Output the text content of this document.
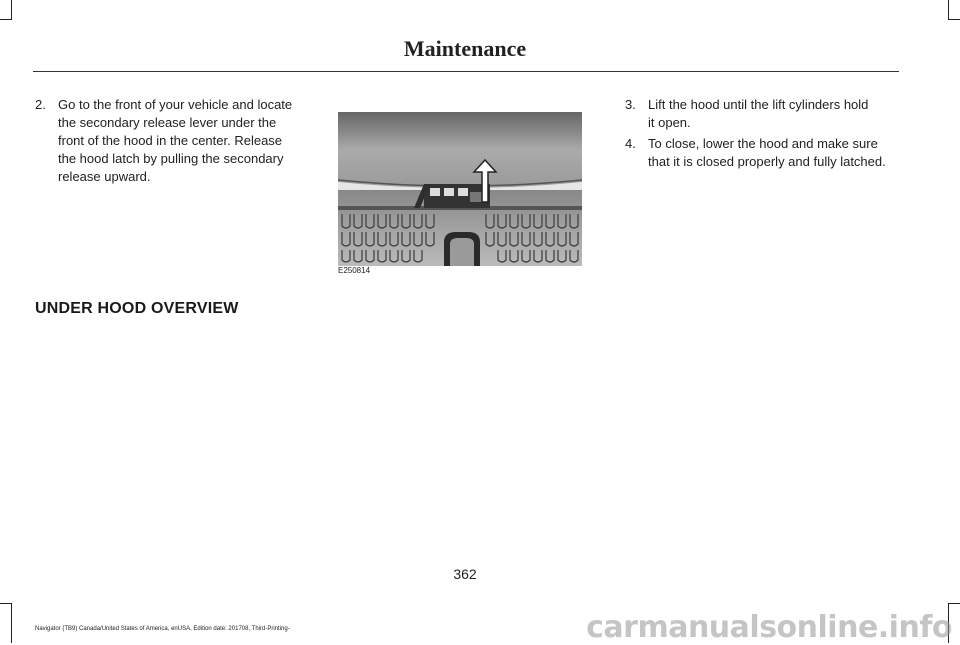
Maintenance
2. Go to the front of your vehicle and locate
the secondary release lever under the
front of the hood in the center. Release
the hood latch by pulling the secondary
release upward.
E250814
3. Lift the hood until the lift cylinders hold
it open.
4. To close, lower the hood and make sure
that it is closed properly and fully latched.
UNDER HOOD OVERVIEW
362
Navigator (TB9) Canada/United States of America, enUSA, Edition date: 201708, Third-Printing-	carmanualsonline.info
